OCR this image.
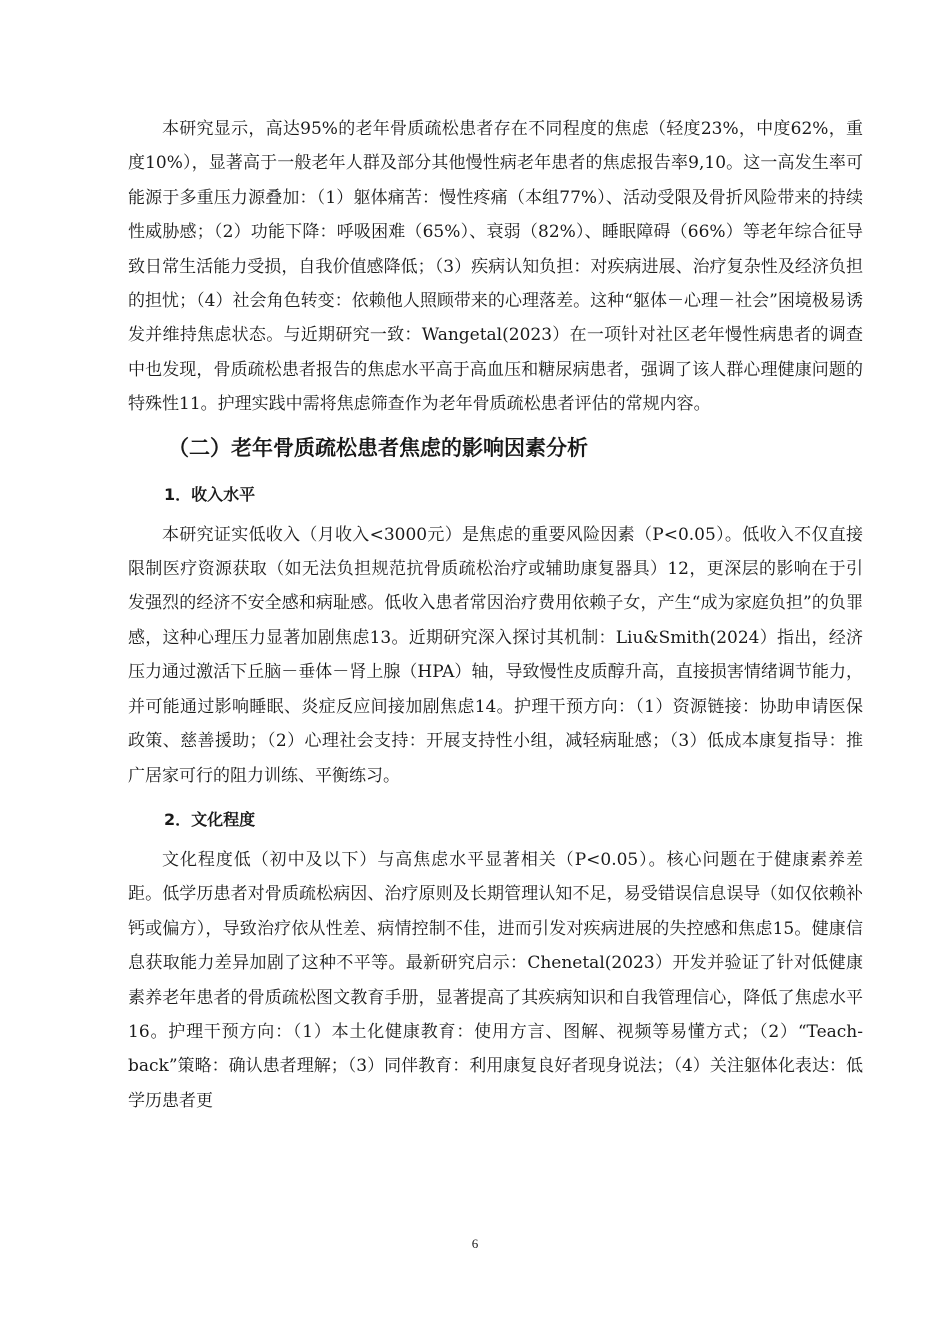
本研究显示，高达95%的老年骨质疏松患者存在不同程度的焦虑（轻度23%，中度62%，重度10%），显著高于一般老年人群及部分其他慢性病老年患者的焦虑报告率9,10。这一高发生率可能源于多重压力源叠加：（1）躯体痛苦：慢性疼痛（本组77%）、活动受限及骨折风险带来的持续性威胁感；（2）功能下降：呼吸困难（65%）、衰弱（82%）、睡眠障碍（66%）等老年综合征导致日常生活能力受损，自我价值感降低；（3）疾病认知负担：对疾病进展、治疗复杂性及经济负担的担忧；（4）社会角色转变：依赖他人照顾带来的心理落差。这种“躯体－心理－社会”困境极易诱发并维持焦虑状态。与近期研究一致：Wangetal(2023）在一项针对社区老年慢性病患者的调查中也发现，骨质疏松患者报告的焦虑水平高于高血压和糖尿病患者，强调了该人群心理健康问题的特殊性11。护理实践中需将焦虑筛查作为老年骨质疏松患者评估的常规内容。

（二）老年骨质疏松患者焦虑的影响因素分析
1．收入水平

本研究证实低收入（月收入<3000元）是焦虑的重要风险因素（P<0.05）。低收入不仅直接限制医疗资源获取（如无法负担规范抗骨质疏松治疗或辅助康复器具）12，更深层的影响在于引发强烈的经济不安全感和病耻感。低收入患者常因治疗费用依赖子女，产生“成为家庭负担”的负罪感，这种心理压力显著加剧焦虑13。近期研究深入探讨其机制：Liu&Smith(2024）指出，经济压力通过激活下丘脑－垂体－肾上腺（HPA）轴，导致慢性皮质醇升高，直接损害情绪调节能力，并可能通过影响睡眠、炎症反应间接加剧焦虑14。护理干预方向：（1）资源链接：协助申请医保政策、慈善援助；（2）心理社会支持：开展支持性小组，减轻病耻感；（3）低成本康复指导：推广居家可行的阻力训练、平衡练习。

2．文化程度

文化程度低（初中及以下）与高焦虑水平显著相关（P<0.05）。核心问题在于健康素养差距。低学历患者对骨质疏松病因、治疗原则及长期管理认知不足，易受错误信息误导（如仅依赖补钙或偏方），导致治疗依从性差、病情控制不佳，进而引发对疾病进展的失控感和焦虑15。健康信息获取能力差异加剧了这种不平等。最新研究启示：Chenetal(2023）开发并验证了针对低健康素养老年患者的骨质疏松图文教育手册，显著提高了其疾病知识和自我管理信心，降低了焦虑水平16。护理干预方向：（1）本土化健康教育：使用方言、图解、视频等易懂方式；（2）“Teach-back”策略：确认患者理解；（3）同伴教育：利用康复良好者现身说法；（4）关注躯体化表达：低学历患者更

6
